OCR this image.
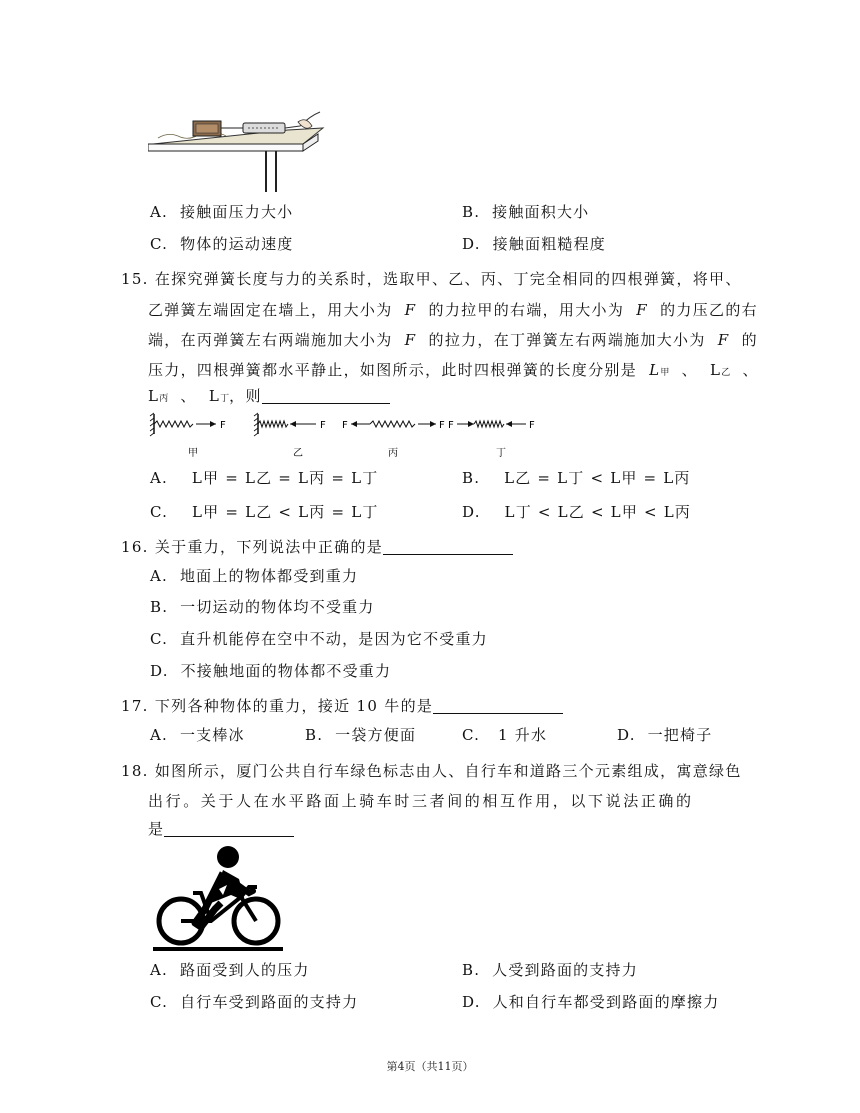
A. 接触面压力大小	B. 接触面积大小
C. 物体的运动速度	D. 接触面粗糙程度
15. 在探究弹簧长度与力的关系时，选取甲、乙、丙、丁完全相同的四根弹簧，将甲、
乙弹簧左端固定在墙上，用大小为 F 的力拉甲的右端，用大小为 F 的力压乙的右
端，在丙弹簧左右两端施加大小为 F 的拉力，在丁弹簧左右两端施加大小为 F 的
压力，四根弹簧都水平静止，如图所示，此时四根弹簧的长度分别是 L甲 、 L乙 、
L丙 、 L丁，则
F
甲
F
乙
F	F
丙
F	F
丁
A. L甲 = L乙 = L丙 = L丁	B. L乙 = L丁 < L甲 = L丙
C. L甲 = L乙 < L丙 = L丁	D. L丁 < L乙 < L甲 < L丙
16. 关于重力，下列说法中正确的是
A. 地面上的物体都受到重力
B. 一切运动的物体均不受重力
C. 直升机能停在空中不动，是因为它不受重力
D. 不接触地面的物体都不受重力
17. 下列各种物体的重力，接近 10 牛的是
A. 一支棒冰	B. 一袋方便面	C. 1 升水	D. 一把椅子
18. 如图所示，厦门公共自行车绿色标志由人、自行车和道路三个元素组成，寓意绿色
出行。关于人在水平路面上骑车时三者间的相互作用，以下说法正确的
是
A. 路面受到人的压力	B. 人受到路面的支持力
C. 自行车受到路面的支持力	D. 人和自行车都受到路面的摩擦力
第4页（共11页）
